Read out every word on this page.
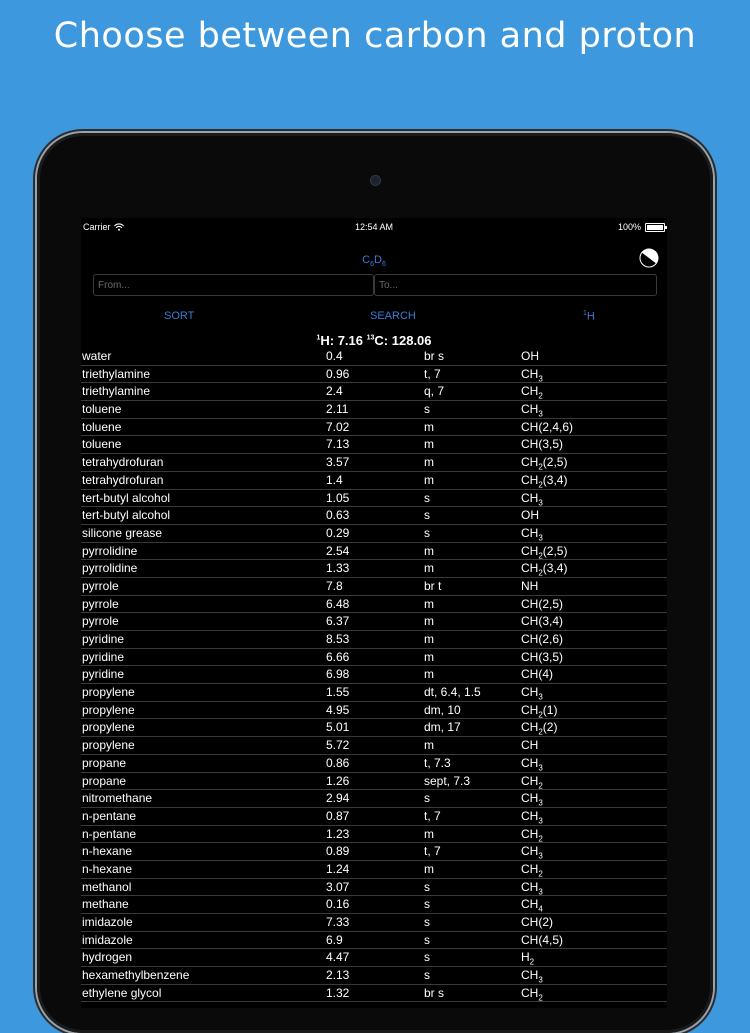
Choose between carbon and proton
Carrier	12:54 AM	100%
$C_6D_6$
From...
To...
SORT	SEARCH	$^1$H
$^1$H: 7.16 $^{13}$C: 128.06
water	0.4	br s	OH
triethylamine	0.96	t, 7	$CH_3$
triethylamine	2.4	q, 7	$CH_2$
toluene	2.11	s	$CH_3$
toluene	7.02	m	CH(2,4,6)
toluene	7.13	m	CH(3,5)
tetrahydrofuran	3.57	m	$CH_2(2,5)$
tetrahydrofuran	1.4	m	$CH_2(3,4)$
tert-butyl alcohol	1.05	s	$CH_3$
tert-butyl alcohol	0.63	s	OH
silicone grease	0.29	s	$CH_3$
pyrrolidine	2.54	m	$CH_2(2,5)$
pyrrolidine	1.33	m	$CH_2(3,4)$
pyrrole	7.8	br t	NH
pyrrole	6.48	m	CH(2,5)
pyrrole	6.37	m	CH(3,4)
pyridine	8.53	m	CH(2,6)
pyridine	6.66	m	CH(3,5)
pyridine	6.98	m	CH(4)
propylene	1.55	dt, 6.4, 1.5	$CH_3$
propylene	4.95	dm, 10	$CH_2(1)$
propylene	5.01	dm, 17	$CH_2(2)$
propylene	5.72	m	CH
propane	0.86	t, 7.3	$CH_3$
propane	1.26	sept, 7.3	$CH_2$
nitromethane	2.94	s	$CH_3$
n-pentane	0.87	t, 7	$CH_3$
n-pentane	1.23	m	$CH_2$
n-hexane	0.89	t, 7	$CH_3$
n-hexane	1.24	m	$CH_2$
methanol	3.07	s	$CH_3$
methane	0.16	s	$CH_4$
imidazole	7.33	s	CH(2)
imidazole	6.9	s	CH(4,5)
hydrogen	4.47	s	$H_2$
hexamethylbenzene	2.13	s	$CH_3$
ethylene glycol	1.32	br s	$CH_2$
